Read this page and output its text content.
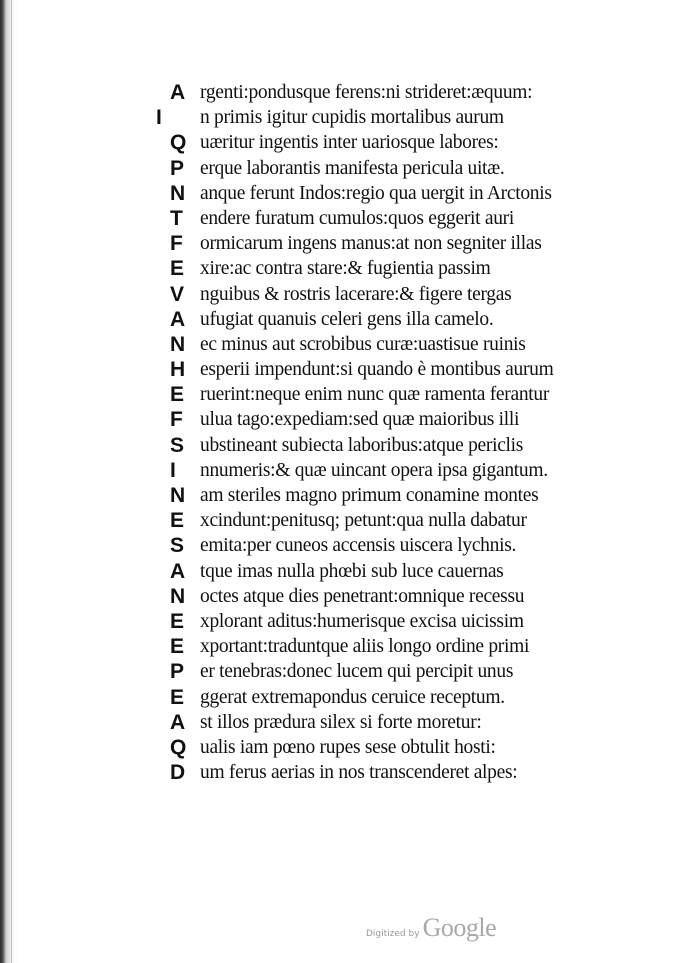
A rgenti:pondusque ferens:ni strideret:æquum:
I	n primis igitur cupidis mortalibus aurum
Q uæritur ingentis inter uariosque labores:
P erque laborantis manifesta pericula uitæ.
N anque ferunt Indos:regio qua uergit in Arctonis
T endere furatum cumulos:quos eggerit auri
F ormicarum ingens manus:at non segniter illas
E xire:ac contra stare:& fugientia passim
V nguibus & rostris lacerare:& figere tergas
A ufugiat quanuis celeri gens illa camelo.
N ec minus aut scrobibus curæ:uastisue ruinis
H esperii impendunt:si quando è montibus aurum
E ruerint:neque enim nunc quæ ramenta ferantur
F ulua tago:expediam:sed quæ maioribus illi
S ubstineant subiecta laboribus:atque periclis
I	nnumeris:& quæ uincant opera ipsa gigantum.
N am steriles magno primum conamine montes
E xcindunt:penitusq; petunt:qua nulla dabatur
S emita:per cuneos accensis uiscera lychnis.
A tque imas nulla phœbi sub luce cauernas
N octes atque dies penetrant:omnique recessu
E xplorant aditus:humerisque excisa uicissim
E xportant:traduntque aliis longo ordine primi
P er tenebras:donec lucem qui percipit unus
E ggerat extremapondus ceruice receptum.
A st illos prædura silex si forte moretur:
Q ualis iam pœno rupes sese obtulit hosti:
D um ferus aerias in nos transcenderet alpes:
Digitized by Google
